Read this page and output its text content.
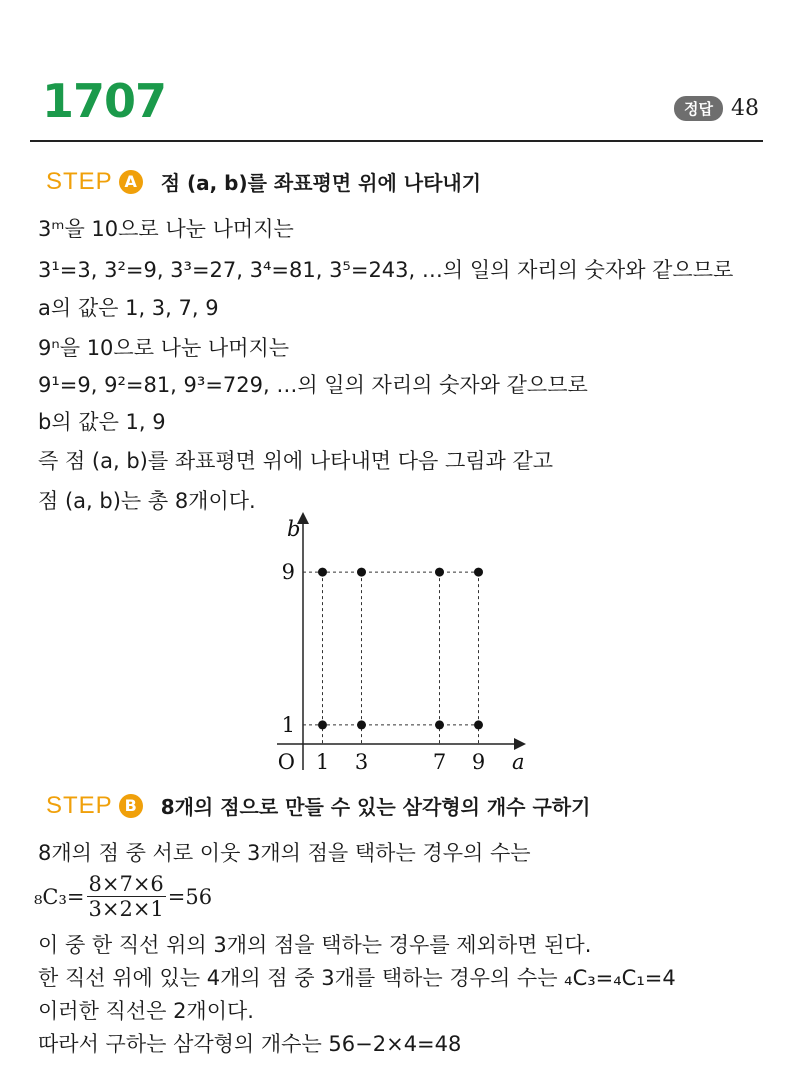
1707	정답 48
STEP A 점 (a, b)를 좌표평면 위에 나타내기
3ᵐ을 10으로 나눈 나머지는
3¹=3, 3²=9, 3³=27, 3⁴=81, 3⁵=243, …의 일의 자리의 숫자와 같으므로
a의 값은 1, 3, 7, 9
9ⁿ을 10으로 나눈 나머지는
9¹=9, 9²=81, 9³=729, …의 일의 자리의 숫자와 같으므로
b의 값은 1, 9
즉 점 (a, b)를 좌표평면 위에 나타내면 다음 그림과 같고
점 (a, b)는 총 8개이다.
1 3	7 9
1
9
O	a
b
STEP B 8개의 점으로 만들 수 있는 삼각형의 개수 구하기
8개의 점 중 서로 이웃 3개의 점을 택하는 경우의 수는
$_8C_3= \frac{8\times 7\times 6}{3\times 2\times 1} =56$
이 중 한 직선 위의 3개의 점을 택하는 경우를 제외하면 된다.
한 직선 위에 있는 4개의 점 중 3개를 택하는 경우의 수는 ₄C₃=₄C₁=4
이러한 직선은 2개이다.
따라서 구하는 삼각형의 개수는 56−2×4=48
